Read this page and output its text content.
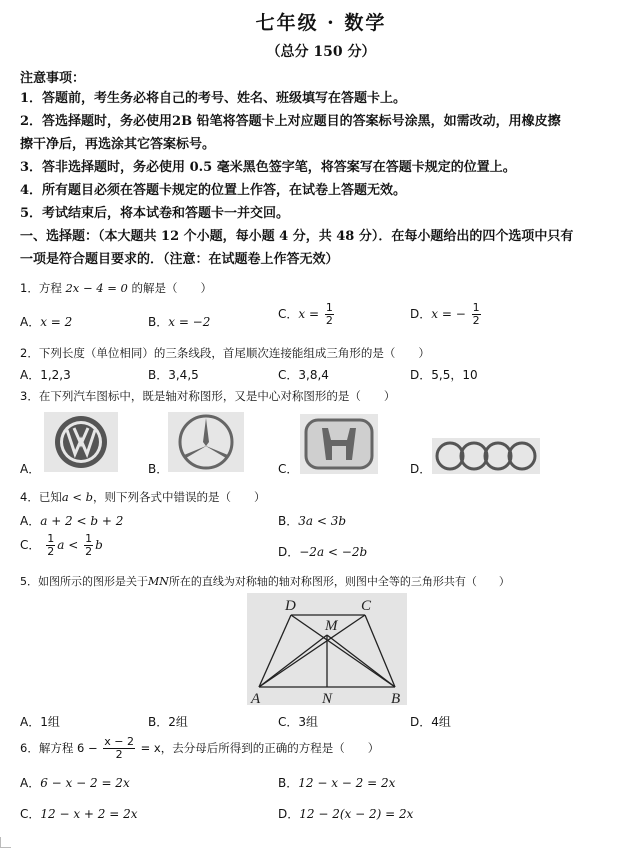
七年级 · 数学
（总分 150 分）
注意事项：
1．答题前，考生务必将自己的考号、姓名、班级填写在答题卡上。
2．答选择题时，务必使用2B 铅笔将答题卡上对应题目的答案标号涂黑，如需改动，用橡皮擦
擦干净后，再选涂其它答案标号。
3．答非选择题时，务必使用 0.5 毫米黑色签字笔，将答案写在答题卡规定的位置上。
4．所有题目必须在答题卡规定的位置上作答，在试卷上答题无效。
5．考试结束后，将本试卷和答题卡一并交回。
一、选择题：（本大题共 12 个小题，每小题 4 分，共 48 分）．在每小题给出的四个选项中只有
一项是符合题目要求的．（注意：在试题卷上作答无效）
1．方程 2x − 4 = 0 的解是（　　）
A．x = 2	B．x = −2
C．$x = \frac{1}{2}$	D．x = − $\frac{1}{2}$
2．下列长度（单位相同）的三条线段，首尾顺次连接能组成三角形的是（　　）
A．1,2,3	B．3,4,5	C．3,8,4	D．5,5，10
3．在下列汽车图标中，既是轴对称图形，又是中心对称图形的是（　　）
A．	B．	C．	D．
4．已知a < b，则下列各式中错误的是（　　）
A．a + 2 < b + 2	B．3a < 3b
C． $\frac{1}{2}$ $a < \frac{1}{2}$ b	D．−2a < −2b
5．如图所示的图形是关于MN所在的直线为对称轴的轴对称图形，则图中全等的三角形共有（　　）
D	C
M
A	N	B
A．1组	B．2组	C．3组	D．4组
6．解方程 $6 - \frac{x - 2}{2} = x$，去分母后所得到的正确的方程是（　　）
A．6 − x − 2 = 2x	B．12 − x − 2 = 2x
C．12 − x + 2 = 2x	D．12 − 2(x − 2) = 2x
